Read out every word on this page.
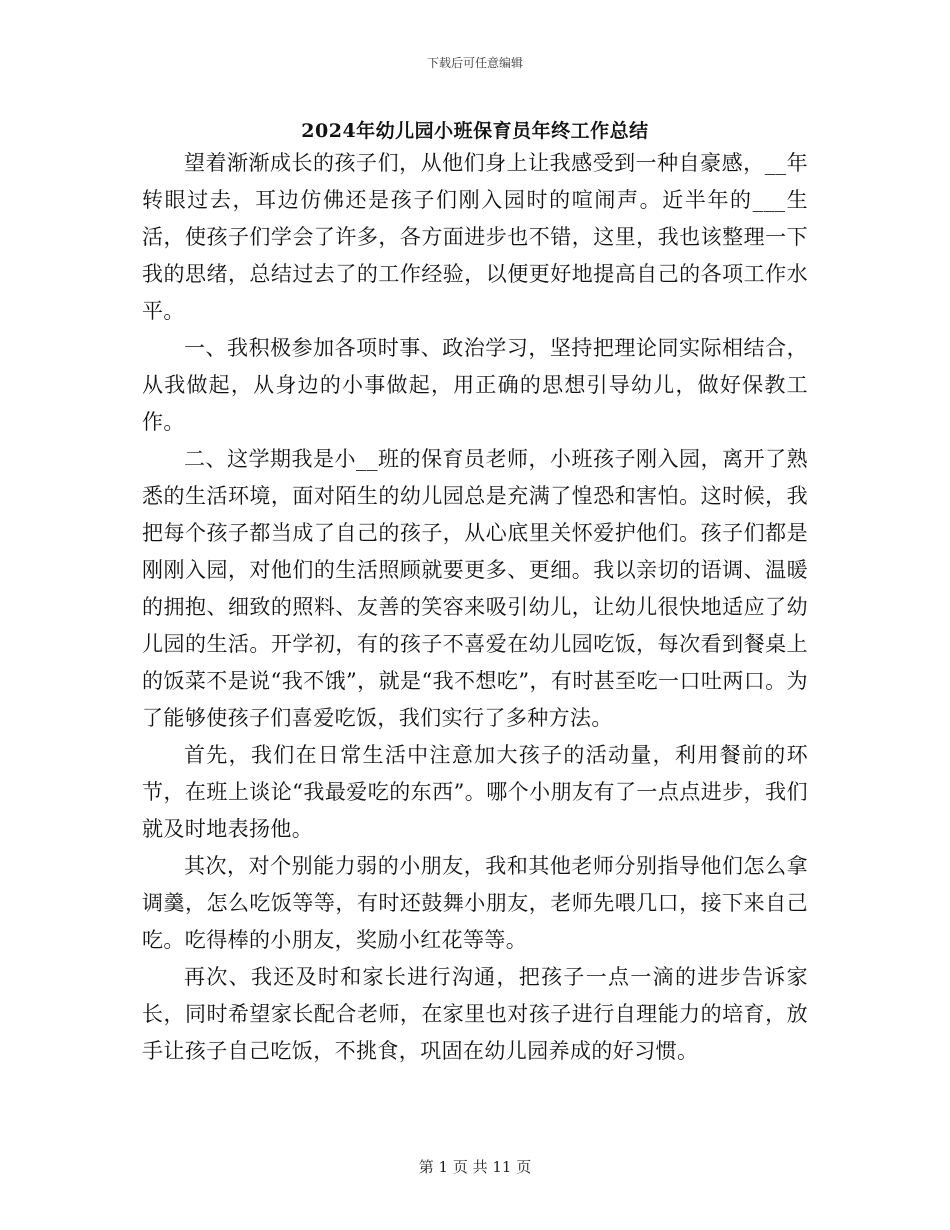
下载后可任意编辑
2024年幼儿园小班保育员年终工作总结

望着渐渐成长的孩子们，从他们身上让我感受到一种自豪感，__年转眼过去，耳边仿佛还是孩子们刚入园时的喧闹声。近半年的___生活，使孩子们学会了许多，各方面进步也不错，这里，我也该整理一下我的思绪，总结过去了的工作经验，以便更好地提高自己的各项工作水平。

一、我积极参加各项时事、政治学习，坚持把理论同实际相结合，从我做起，从身边的小事做起，用正确的思想引导幼儿，做好保教工作。

二、这学期我是小__班的保育员老师，小班孩子刚入园，离开了熟悉的生活环境，面对陌生的幼儿园总是充满了惶恐和害怕。这时候，我把每个孩子都当成了自己的孩子，从心底里关怀爱护他们。孩子们都是刚刚入园，对他们的生活照顾就要更多、更细。我以亲切的语调、温暖的拥抱、细致的照料、友善的笑容来吸引幼儿，让幼儿很快地适应了幼儿园的生活。开学初，有的孩子不喜爱在幼儿园吃饭，每次看到餐桌上的饭菜不是说“我不饿”，就是“我不想吃”，有时甚至吃一口吐两口。为了能够使孩子们喜爱吃饭，我们实行了多种方法。

首先，我们在日常生活中注意加大孩子的活动量，利用餐前的环节，在班上谈论“我最爱吃的东西”。哪个小朋友有了一点点进步，我们就及时地表扬他。

其次，对个别能力弱的小朋友，我和其他老师分别指导他们怎么拿调羹，怎么吃饭等等，有时还鼓舞小朋友，老师先喂几口，接下来自己吃。吃得棒的小朋友，奖励小红花等等。

再次、我还及时和家长进行沟通，把孩子一点一滴的进步告诉家长，同时希望家长配合老师，在家里也对孩子进行自理能力的培育，放手让孩子自己吃饭，不挑食，巩固在幼儿园养成的好习惯。

第 1 页 共 11 页
